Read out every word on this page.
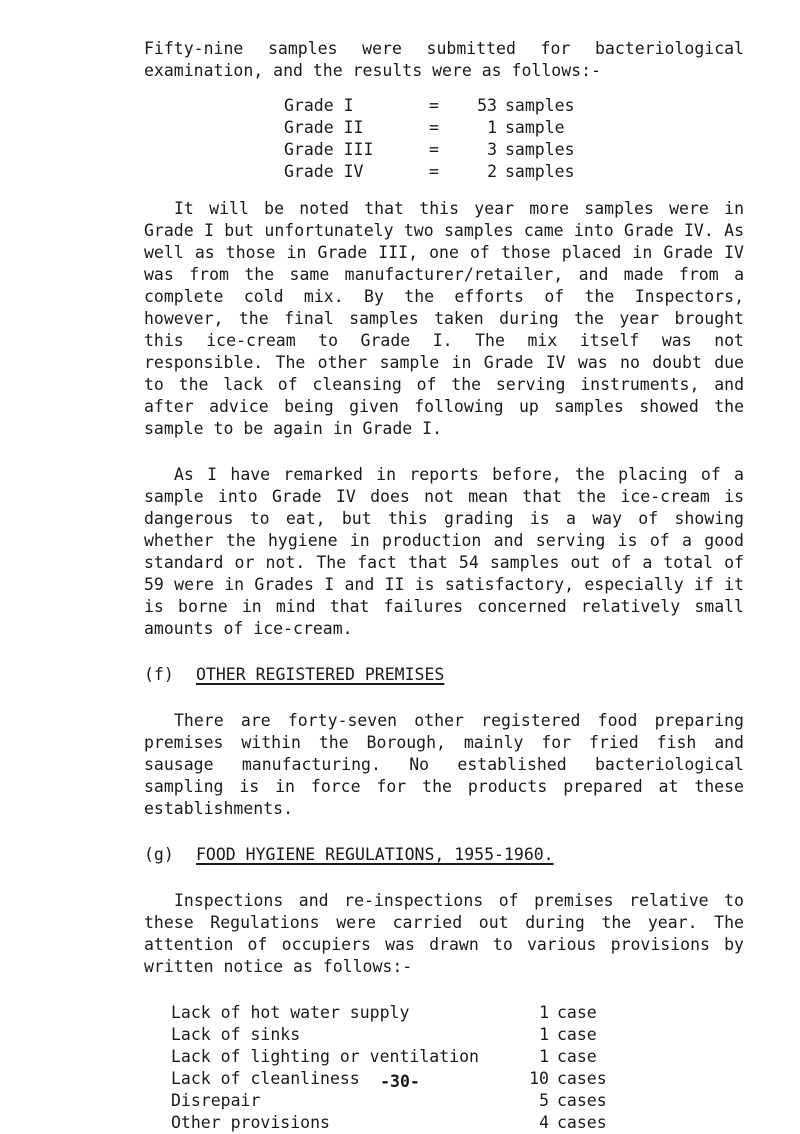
Fifty-nine samples were submitted for bacteriological examination, and the results were as follows:-

Grade I	=	53	samples
Grade II	=	1	sample
Grade III	=	3	samples
Grade IV	=	2	samples

It will be noted that this year more samples were in Grade I but unfortunately two samples came into Grade IV. As well as those in Grade III, one of those placed in Grade IV was from the same manufacturer/retailer, and made from a complete cold mix. By the efforts of the Inspectors, however, the final samples taken during the year brought this ice-cream to Grade I. The mix itself was not responsible. The other sample in Grade IV was no doubt due to the lack of cleansing of the serving instruments, and after advice being given following up samples showed the sample to be again in Grade I.

As I have remarked in reports before, the placing of a sample into Grade IV does not mean that the ice-cream is dangerous to eat, but this grading is a way of showing whether the hygiene in production and serving is of a good standard or not. The fact that 54 samples out of a total of 59 were in Grades I and II is satisfactory, especially if it is borne in mind that failures concerned relatively small amounts of ice-cream.

(f)	OTHER REGISTERED PREMISES

There are forty-seven other registered food preparing premises within the Borough, mainly for fried fish and sausage manufacturing. No established bacteriological sampling is in force for the products prepared at these establishments.

(g)	FOOD HYGIENE REGULATIONS, 1955-1960.

Inspections and re-inspections of premises relative to these Regulations were carried out during the year. The attention of occupiers was drawn to various provisions by written notice as follows:-

Lack of hot water supply	1	case
Lack of sinks	1	case
Lack of lighting or ventilation	1	case
Lack of cleanliness	10	cases
Disrepair	5	cases
Other provisions	4	cases
-30-
